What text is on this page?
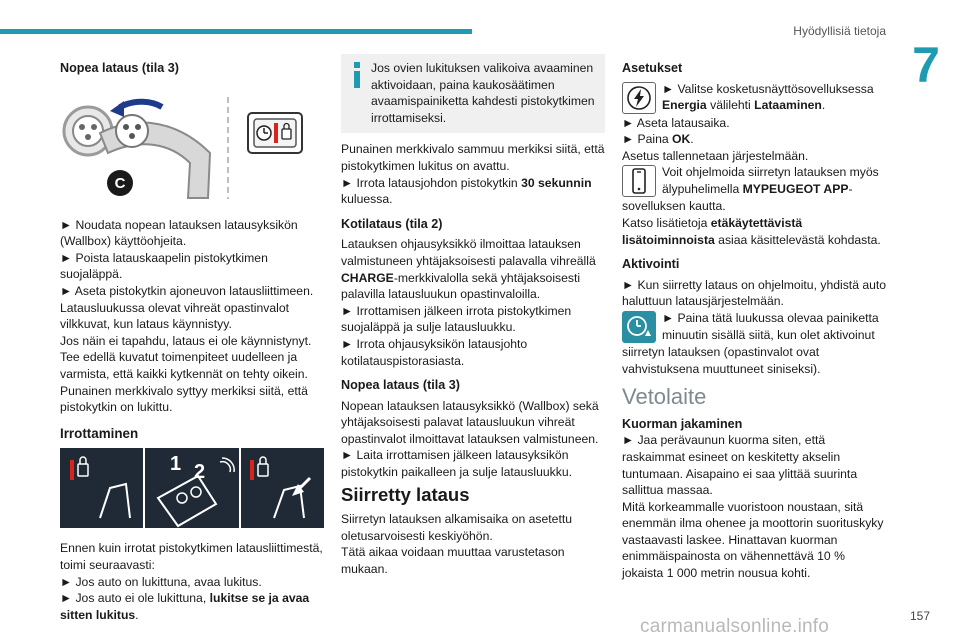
Hyödyllisiä tietoja
7
Nopea lataus (tila 3)
C

► Noudata nopean latauksen latausyksikön (Wallbox) käyttöohjeita.

► Poista latauskaapelin pistokytkimen suojaläppä.

► Aseta pistokytkin ajoneuvon latausliittimeen.

Latausluukussa olevat vihreät opastinvalot vilkkuvat, kun lataus käynnistyy.

Jos näin ei tapahdu, lataus ei ole käynnistynyt. Tee edellä kuvatut toimenpiteet uudelleen ja varmista, että kaikki kytkennät on tehty oikein.

Punainen merkkivalo syttyy merkiksi siitä, että pistokytkin on lukittu.

Irrottaminen
1 2

Ennen kuin irrotat pistokytkimen latausliittimestä, toimi seuraavasti:

► Jos auto on lukittuna, avaa lukitus.

► Jos auto ei ole lukittuna, lukitse se ja avaa sitten lukitus.

Jos ovien lukituksen valikoiva avaaminen

aktivoidaan, paina kaukosäätimen avaamispainiketta kahdesti pistokytkimen irrottamiseksi.

Punainen merkkivalo sammuu merkiksi siitä, että pistokytkimen lukitus on avattu.

► Irrota latausjohdon pistokytkin 30 sekunnin kuluessa.

Kotilataus (tila 2)

Latauksen ohjausyksikkö ilmoittaa latauksen valmistuneen yhtäjaksoisesti palavalla vihreällä CHARGE-merkkivalolla sekä yhtäjaksoisesti palavilla latausluukun opastinvaloilla.

► Irrottamisen jälkeen irrota pistokytkimen suojaläppä ja sulje latausluukku.

► Irrota ohjausyksikön latausjohto kotilatauspistorasiasta.

Nopea lataus (tila 3)

Nopean latauksen latausyksikkö (Wallbox) sekä yhtäjaksoisesti palavat latausluukun vihreät opastinvalot ilmoittavat latauksen valmistuneen.

► Laita irrottamisen jälkeen latausyksikön pistokytkin paikalleen ja sulje latausluukku.

Siirretty lataus

Siirretyn latauksen alkamisaika on asetettu oletusarvoisesti keskiyöhön.

Tätä aikaa voidaan muuttaa varustetason mukaan.

Asetukset

► Valitse kosketusnäyttösovelluksessa Energia välilehti Lataaminen.

► Aseta latausaika.

► Paina OK.

Asetus tallennetaan järjestelmään.

Voit ohjelmoida siirretyn latauksen myös älypuhelimella MYPEUGEOT APP-

sovelluksen kautta.

Katso lisätietoja etäkäytettävistä lisätoiminnoista asiaa käsittelevästä kohdasta.

Aktivointi

► Kun siirretty lataus on ohjelmoitu, yhdistä auto haluttuun latausjärjestelmään.

► Paina tätä luukussa olevaa painiketta minuutin sisällä siitä, kun olet aktivoinut

siirretyn latauksen (opastinvalot ovat vahvistuksena muuttuneet siniseksi).

Vetolaite
Kuorman jakaminen

► Jaa perävaunun kuorma siten, että raskaimmat esineet on keskitetty akselin tuntumaan. Aisapaino ei saa ylittää suurinta sallittua massaa.

Mitä korkeammalle vuoristoon noustaan, sitä enemmän ilma ohenee ja moottorin suorituskyky vastaavasti laskee. Hinattavan kuorman enimmäispainosta on vähennettävä 10 % jokaista 1 000 metrin nousua kohti.

157
carmanualsonline.info
